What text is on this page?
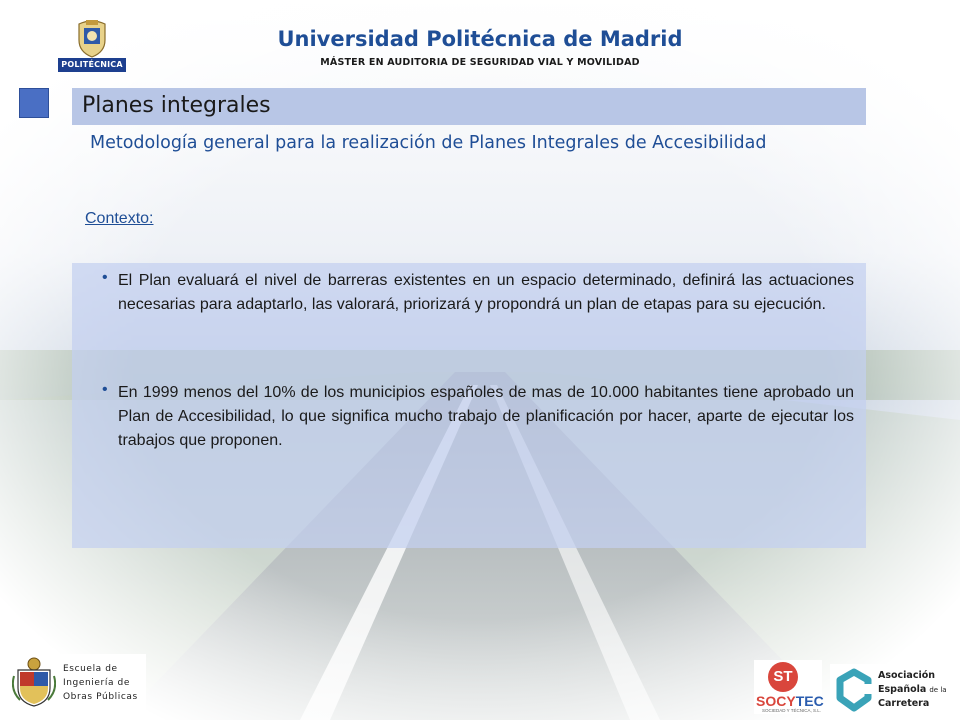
POLITÉCNICA
Universidad Politécnica de Madrid
MÁSTER EN AUDITORIA DE SEGURIDAD VIAL Y MOVILIDAD
Planes integrales
Metodología general para la realización de Planes Integrales de Accesibilidad
Contexto:
• El Plan evaluará el nivel de barreras existentes en un espacio determinado, definirá las actuaciones necesarias para adaptarlo, las valorará, priorizará y propondrá un plan de etapas para su ejecución.

• En 1999 menos del 10% de los municipios españoles de mas de 10.000 habitantes tiene aprobado un Plan de Accesibilidad, lo que significa mucho trabajo de planificación por hacer, aparte de ejecutar los trabajos que proponen.

Escuela de
Ingeniería de
Obras Públicas
ST
SOCYTEC
SOCIEDAD Y TÉCNICA, S.L.
Asociación
Española de la
Carretera
